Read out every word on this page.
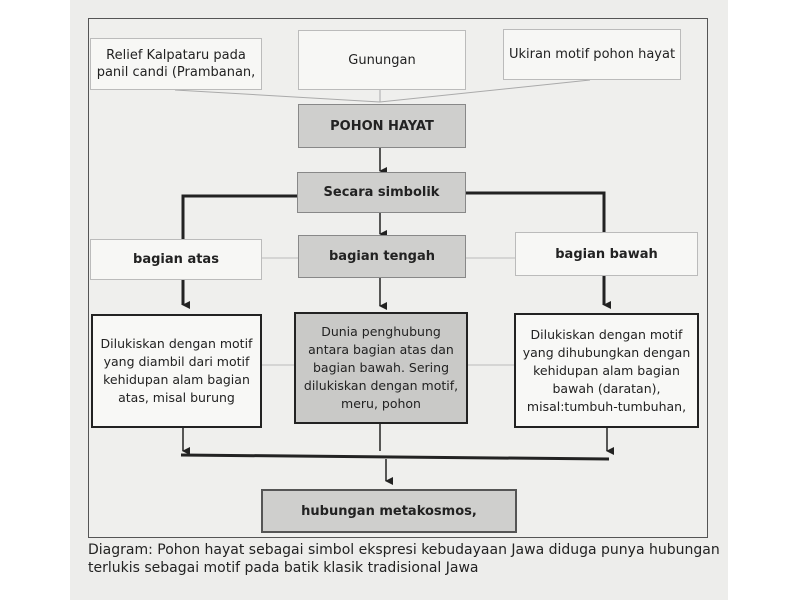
Relief Kalpataru pada panil candi (Prambanan,
Gunungan	Ukiran motif pohon hayat
POHON HAYAT
Secara simbolik
bagian atas	bagian tengah	bagian bawah
Dilukiskan dengan motif yang diambil dari motif kehidupan alam bagian atas, misal burung
Dunia penghubung antara bagian atas dan bagian bawah. Sering dilukiskan dengan motif, meru, pohon
Dilukiskan dengan motif yang dihubungkan dengan kehidupan alam bagian bawah (daratan), misal:tumbuh-tumbuhan,
hubungan metakosmos,
Diagram: Pohon hayat sebagai simbol ekspresi kebudayaan Jawa diduga punya hubungan terlukis sebagai motif pada batik klasik tradisional Jawa
